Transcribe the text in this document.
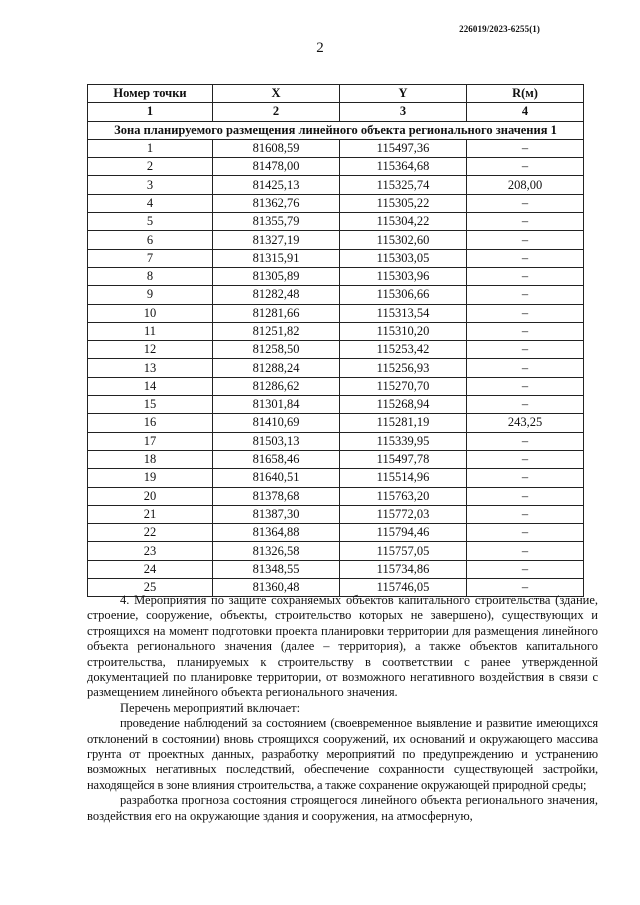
226019/2023-6255(1)
2
Номер точки	X	Y	R(м)
1	2	3	4
Зона планируемого размещения линейного объекта регионального значения 1			
1	81608,59	115497,36	–
2	81478,00	115364,68	–
3	81425,13	115325,74	208,00
4	81362,76	115305,22	–
5	81355,79	115304,22	–
6	81327,19	115302,60	–
7	81315,91	115303,05	–
8	81305,89	115303,96	–
9	81282,48	115306,66	–
10	81281,66	115313,54	–
11	81251,82	115310,20	–
12	81258,50	115253,42	–
13	81288,24	115256,93	–
14	81286,62	115270,70	–
15	81301,84	115268,94	–
16	81410,69	115281,19	243,25
17	81503,13	115339,95	–
18	81658,46	115497,78	–
19	81640,51	115514,96	–
20	81378,68	115763,20	–
21	81387,30	115772,03	–
22	81364,88	115794,46	–
23	81326,58	115757,05	–
24	81348,55	115734,86	–
25	81360,48	115746,05	–

4. Мероприятия по защите сохраняемых объектов капитального строительства (здание, строение, сооружение, объекты, строительство которых не завершено), существующих и строящихся на момент подготовки проекта планировки территории для размещения линейного объекта регионального значения (далее – территория), а также объектов капитального строительства, планируемых к строительству в соответствии с ранее утвержденной документацией по планировке территории, от возможного негативного воздействия в связи с размещением линейного объекта регионального значения.

Перечень мероприятий включает:

проведение наблюдений за состоянием (своевременное выявление и развитие имеющихся отклонений в состоянии) вновь строящихся сооружений, их оснований и окружающего массива грунта от проектных данных, разработку мероприятий по предупреждению и устранению возможных негативных последствий, обеспечение сохранности существующей застройки, находящейся в зоне влияния строительства, а также сохранение окружающей природной среды;

разработка прогноза состояния строящегося линейного объекта регионального значения, воздействия его на окружающие здания и сооружения, на атмосферную,
